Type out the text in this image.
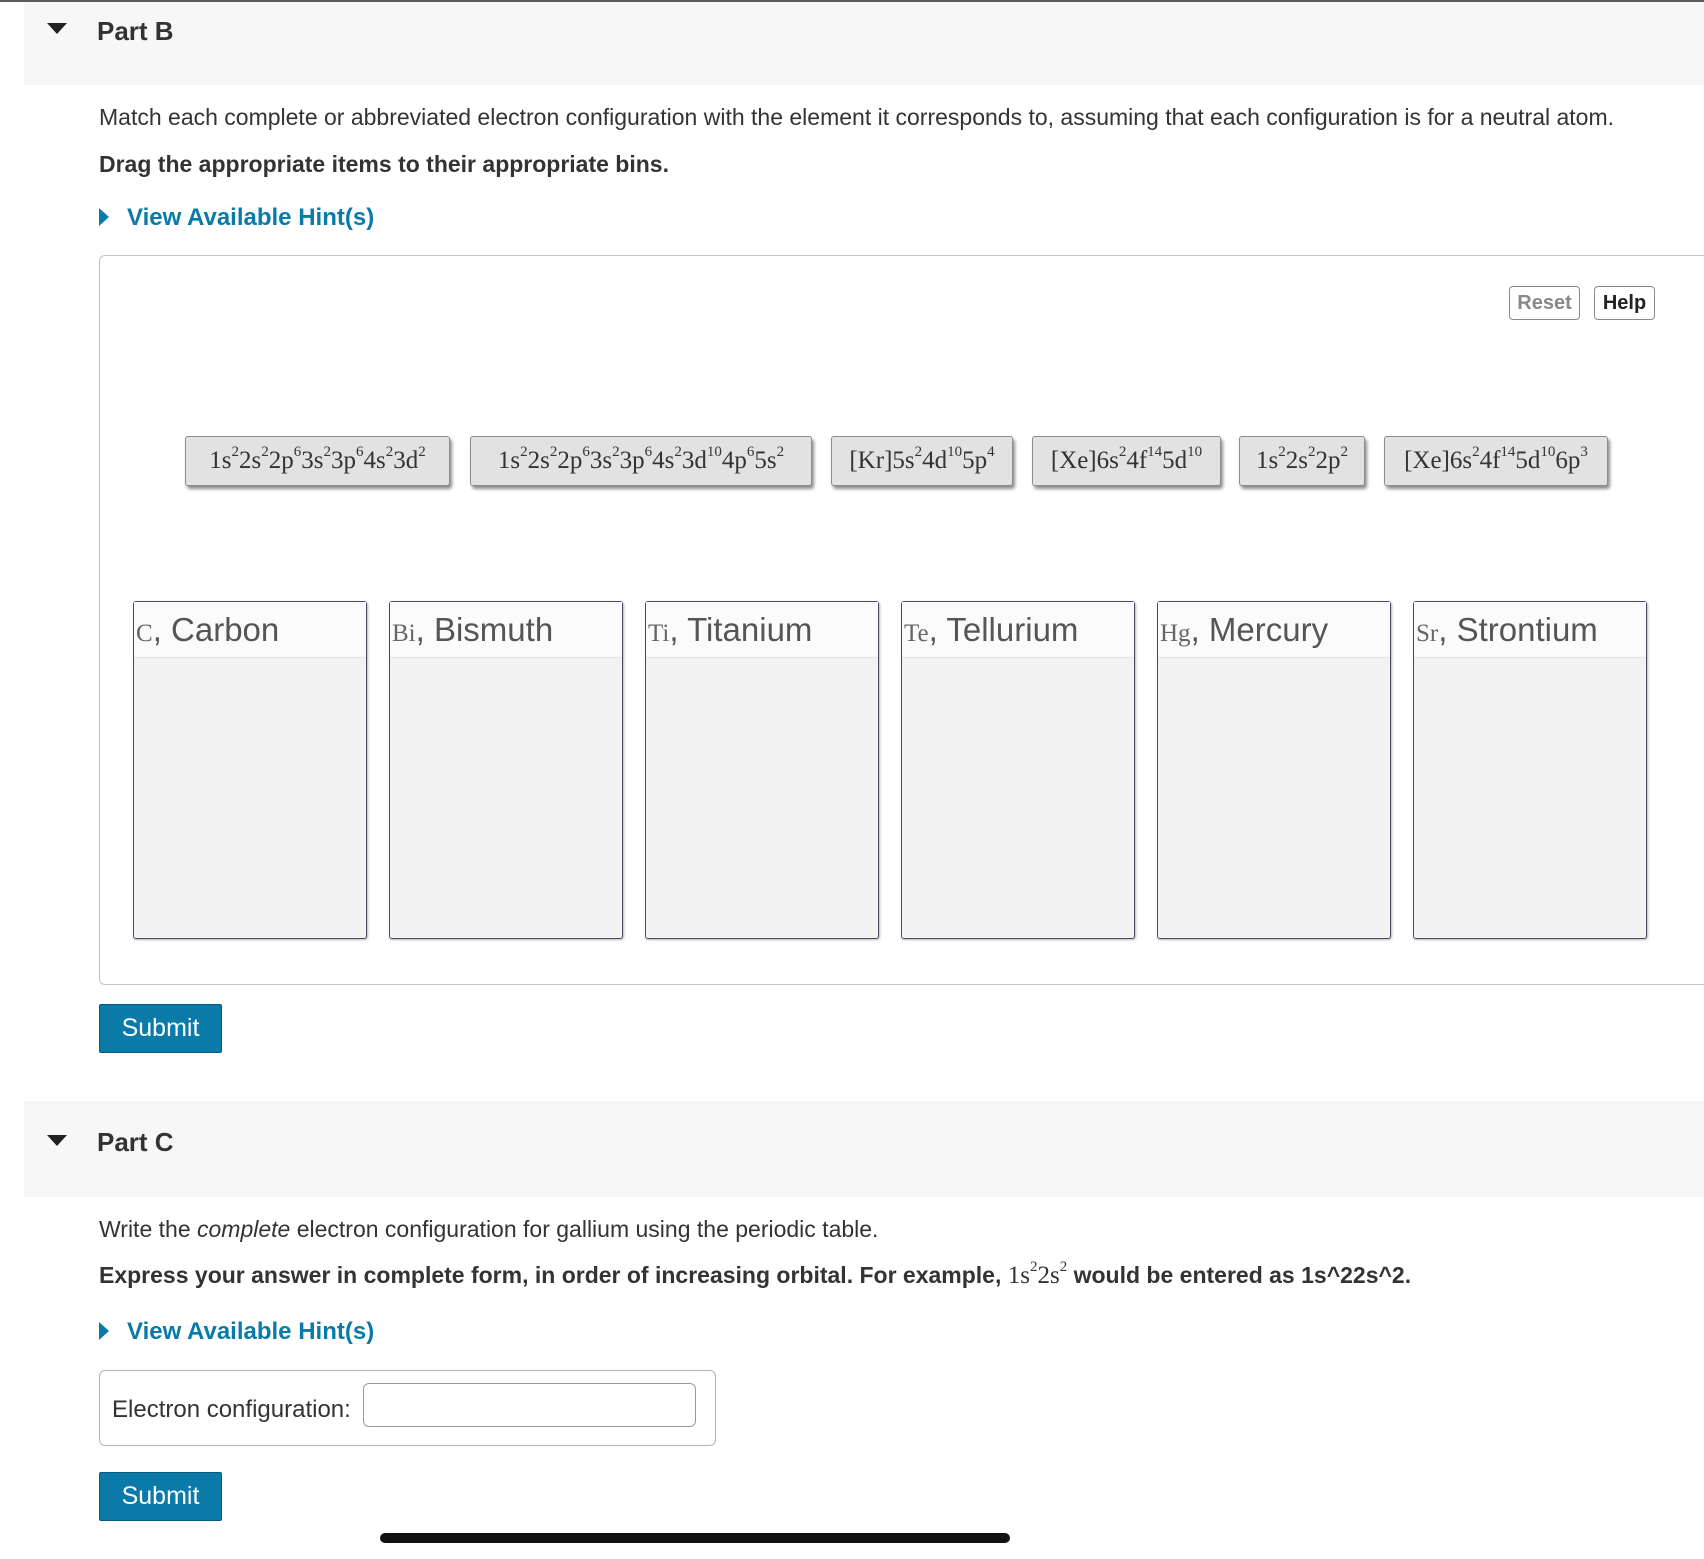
Part B
Match each complete or abbreviated electron configuration with the element it corresponds to, assuming that each configuration is for a neutral atom.
Drag the appropriate items to their appropriate bins.
View Available Hint(s)
Reset	Help
$1s^22s^22p^63s^23p^64s^23d^2$	$1s^22s^22p^63s^23p^64s^23d^{10}4p^65s^2$	$[Kr]5s^24d^{10}5p^4$	$[Xe]6s^24f^{14}5d^{10}$	$1s^22s^22p^2$	$[Xe]6s^24f^{14}5d^{10}6p^3$
C, Carbon	Bi, Bismuth	Ti, Titanium	Te, Tellurium	Hg, Mercury	Sr, Strontium
Submit
Part C
Write the complete electron configuration for gallium using the periodic table.
Express your answer in complete form, in order of increasing orbital. For example, $1s^22s^2$ would be entered as 1s^22s^2.
View Available Hint(s)
Electron configuration:
Submit
